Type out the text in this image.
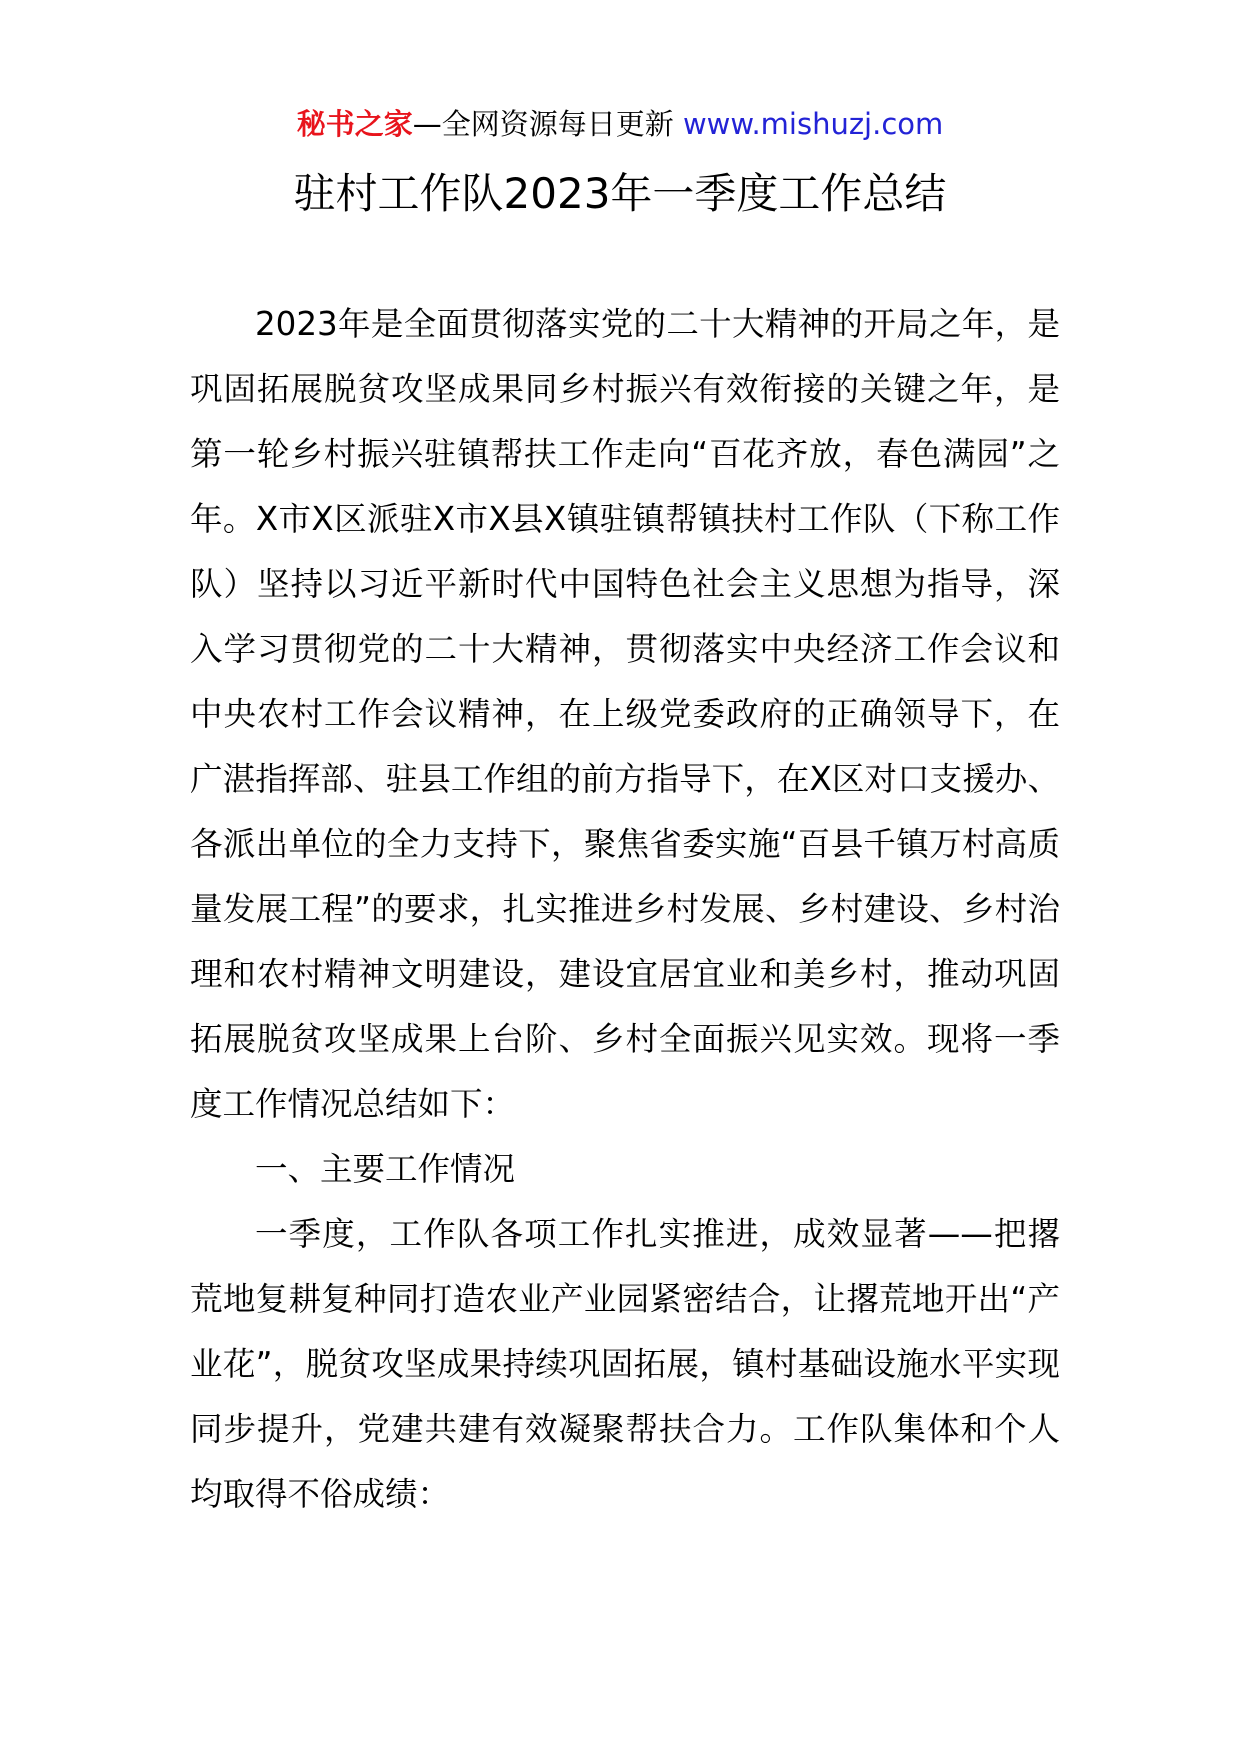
秘书之家—全网资源每日更新 www.mishuzj.com
驻村工作队2023年一季度工作总结

2023年是全面贯彻落实党的二十大精神的开局之年，是巩固拓展脱贫攻坚成果同乡村振兴有效衔接的关键之年，是第一轮乡村振兴驻镇帮扶工作走向“百花齐放，春色满园”之年。X市X区派驻X市X县X镇驻镇帮镇扶村工作队（下称工作队）坚持以习近平新时代中国特色社会主义思想为指导，深入学习贯彻党的二十大精神，贯彻落实中央经济工作会议和中央农村工作会议精神，在上级党委政府的正确领导下，在广湛指挥部、驻县工作组的前方指导下，在X区对口支援办、各派出单位的全力支持下，聚焦省委实施“百县千镇万村高质量发展工程”的要求，扎实推进乡村发展、乡村建设、乡村治理和农村精神文明建设，建设宜居宜业和美乡村，推动巩固拓展脱贫攻坚成果上台阶、乡村全面振兴见实效。现将一季度工作情况总结如下：

一、主要工作情况

一季度，工作队各项工作扎实推进，成效显著——把撂荒地复耕复种同打造农业产业园紧密结合，让撂荒地开出“产业花”，脱贫攻坚成果持续巩固拓展，镇村基础设施水平实现同步提升，党建共建有效凝聚帮扶合力。工作队集体和个人均取得不俗成绩：
